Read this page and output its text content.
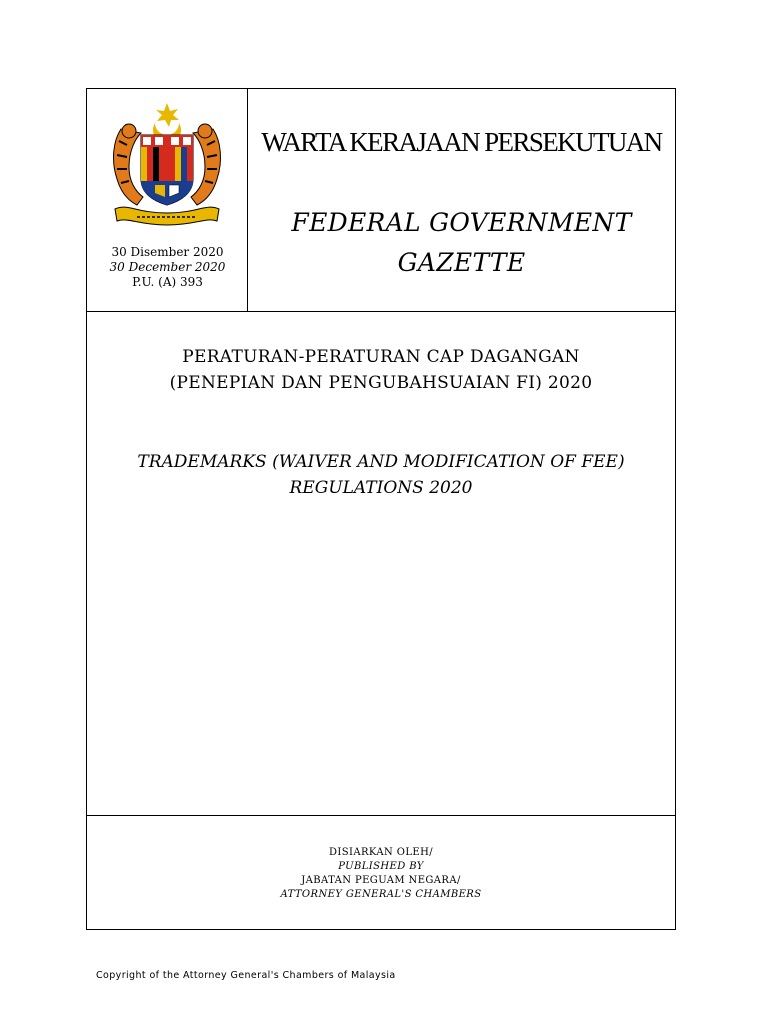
30 Disember 2020
30 December 2020
P.U. (A) 393
WARTA KERAJAAN PERSEKUTUAN
FEDERAL GOVERNMENT
GAZETTE
PERATURAN-PERATURAN CAP DAGANGAN
(PENEPIAN DAN PENGUBAHSUAIAN FI) 2020
TRADEMARKS (WAIVER AND MODIFICATION OF FEE)
REGULATIONS 2020
DISIARKAN OLEH/
PUBLISHED BY
JABATAN PEGUAM NEGARA/
ATTORNEY GENERAL'S CHAMBERS
Copyright of the Attorney General's Chambers of Malaysia
